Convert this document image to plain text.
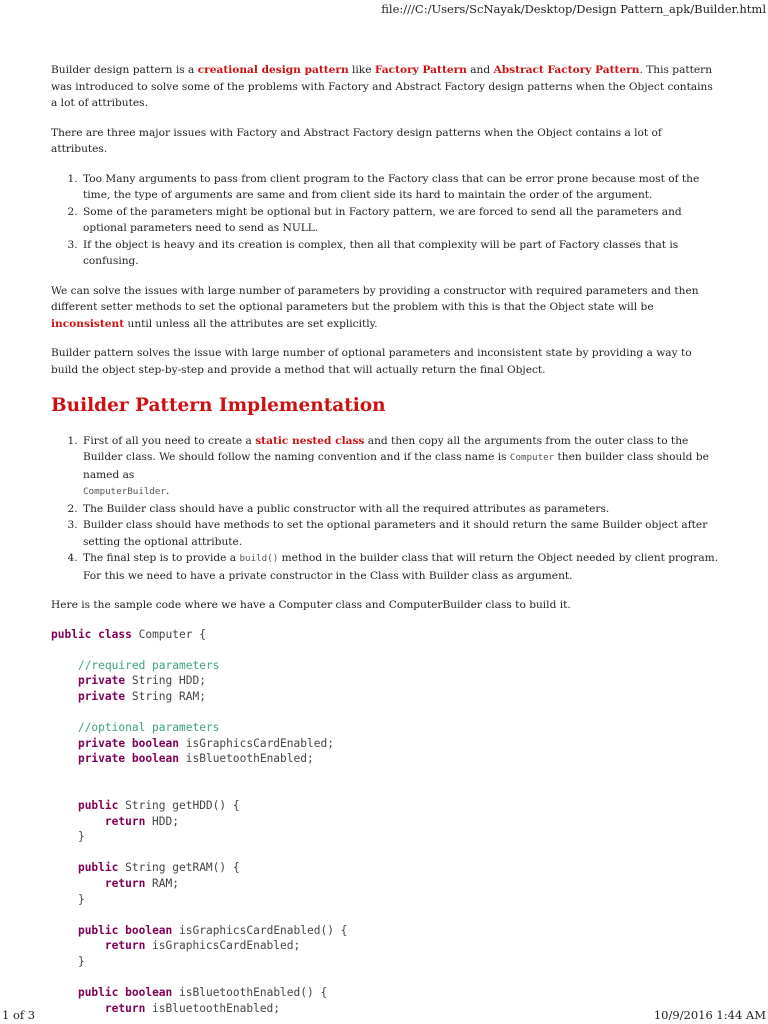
file:///C:/Users/ScNayak/Desktop/Design Pattern_apk/Builder.html

Builder design pattern is a creational design pattern like Factory Pattern and Abstract Factory Pattern. This pattern was introduced to solve some of the problems with Factory and Abstract Factory design patterns when the Object contains a lot of attributes.

There are three major issues with Factory and Abstract Factory design patterns when the Object contains a lot of attributes.

1. Too Many arguments to pass from client program to the Factory class that can be error prone because most of the time, the type of arguments are same and from client side its hard to maintain the order of the argument.
2. Some of the parameters might be optional but in Factory pattern, we are forced to send all the parameters and optional parameters need to send as NULL.
3. If the object is heavy and its creation is complex, then all that complexity will be part of Factory classes that is confusing.

We can solve the issues with large number of parameters by providing a constructor with required parameters and then different setter methods to set the optional parameters but the problem with this is that the Object state will be inconsistent until unless all the attributes are set explicitly.

Builder pattern solves the issue with large number of optional parameters and inconsistent state by providing a way to build the object step-by-step and provide a method that will actually return the final Object.

Builder Pattern Implementation
1. First of all you need to create a static nested class and then copy all the arguments from the outer class to the Builder class. We should follow the naming convention and if the class name is Computer then builder class should be named as
ComputerBuilder.
2. The Builder class should have a public constructor with all the required attributes as parameters.
3. Builder class should have methods to set the optional parameters and it should return the same Builder object after setting the optional attribute.
4. The final step is to provide a build() method in the builder class that will return the Object needed by client program. For this we need to have a private constructor in the Class with Builder class as argument.

Here is the sample code where we have a Computer class and ComputerBuilder class to build it.

public class Computer {

//required parameters
private String HDD;
private String RAM;

//optional parameters
private boolean isGraphicsCardEnabled;
private boolean isBluetoothEnabled;

public String getHDD() {
return HDD;
}

public String getRAM() {
return RAM;
}

public boolean isGraphicsCardEnabled() {
return isGraphicsCardEnabled;
}

public boolean isBluetoothEnabled() {
return isBluetoothEnabled;
1 of 3	10/9/2016 1:44 AM
